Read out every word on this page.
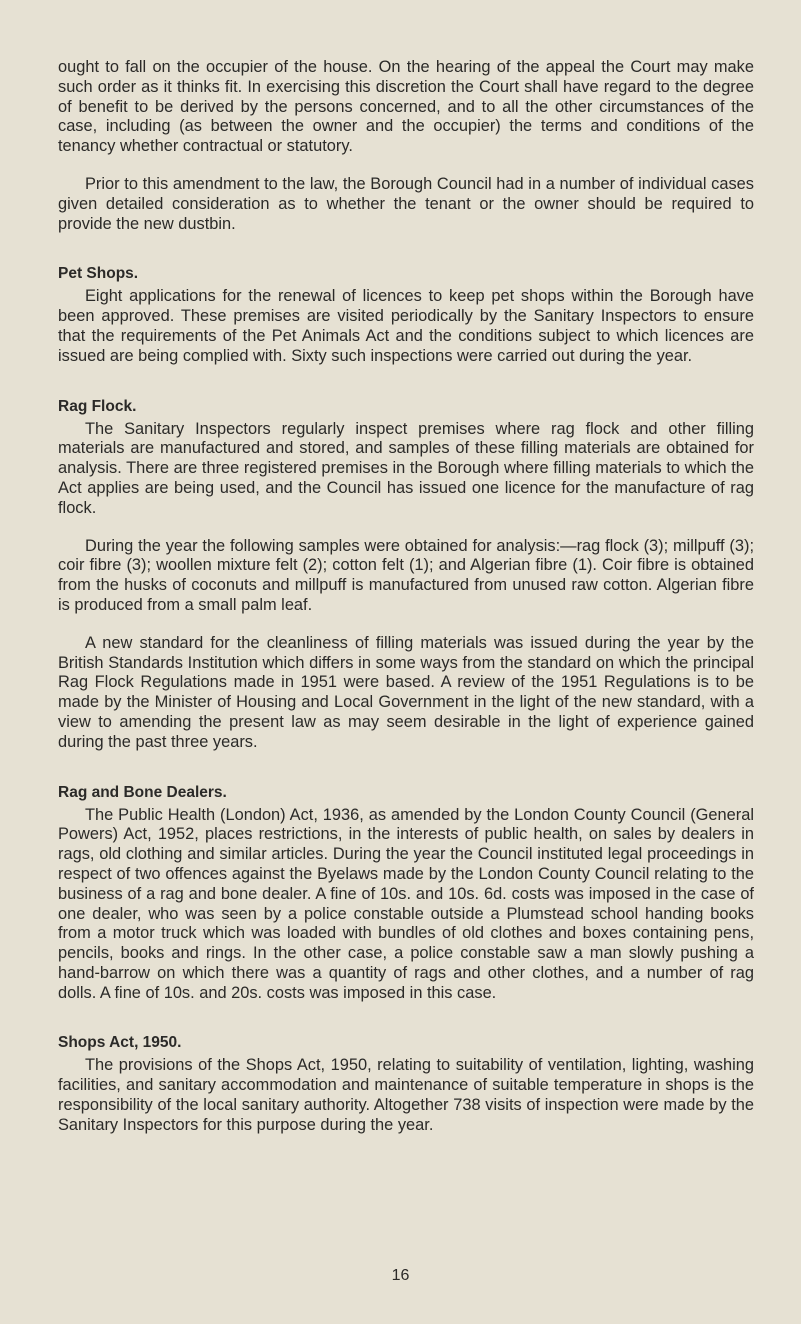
ought to fall on the occupier of the house. On the hearing of the appeal the Court may make such order as it thinks fit. In exercising this discretion the Court shall have regard to the degree of benefit to be derived by the persons concerned, and to all the other circumstances of the case, including (as between the owner and the occupier) the terms and conditions of the tenancy whether contractual or statutory.

Prior to this amendment to the law, the Borough Council had in a number of individual cases given detailed consideration as to whether the tenant or the owner should be required to provide the new dustbin.

Pet Shops.

Eight applications for the renewal of licences to keep pet shops within the Borough have been approved. These premises are visited periodically by the Sanitary Inspectors to ensure that the requirements of the Pet Animals Act and the conditions subject to which licences are issued are being complied with. Sixty such inspections were carried out during the year.

Rag Flock.

The Sanitary Inspectors regularly inspect premises where rag flock and other filling materials are manufactured and stored, and samples of these filling materials are obtained for analysis. There are three registered premises in the Borough where filling materials to which the Act applies are being used, and the Council has issued one licence for the manufacture of rag flock.

During the year the following samples were obtained for analysis:—rag flock (3); millpuff (3); coir fibre (3); woollen mixture felt (2); cotton felt (1); and Algerian fibre (1). Coir fibre is obtained from the husks of coconuts and millpuff is manufactured from unused raw cotton. Algerian fibre is produced from a small palm leaf.

A new standard for the cleanliness of filling materials was issued during the year by the British Standards Institution which differs in some ways from the standard on which the principal Rag Flock Regulations made in 1951 were based. A review of the 1951 Regulations is to be made by the Minister of Housing and Local Government in the light of the new standard, with a view to amending the present law as may seem desirable in the light of experience gained during the past three years.

Rag and Bone Dealers.

The Public Health (London) Act, 1936, as amended by the London County Council (General Powers) Act, 1952, places restrictions, in the interests of public health, on sales by dealers in rags, old clothing and similar articles. During the year the Council instituted legal proceedings in respect of two offences against the Byelaws made by the London County Council relating to the business of a rag and bone dealer. A fine of 10s. and 10s. 6d. costs was imposed in the case of one dealer, who was seen by a police constable outside a Plumstead school handing books from a motor truck which was loaded with bundles of old clothes and boxes containing pens, pencils, books and rings. In the other case, a police constable saw a man slowly pushing a hand-barrow on which there was a quantity of rags and other clothes, and a number of rag dolls. A fine of 10s. and 20s. costs was imposed in this case.

Shops Act, 1950.

The provisions of the Shops Act, 1950, relating to suitability of ventilation, lighting, washing facilities, and sanitary accommodation and maintenance of suitable temperature in shops is the responsibility of the local sanitary authority. Altogether 738 visits of inspection were made by the Sanitary Inspectors for this purpose during the year.

16
